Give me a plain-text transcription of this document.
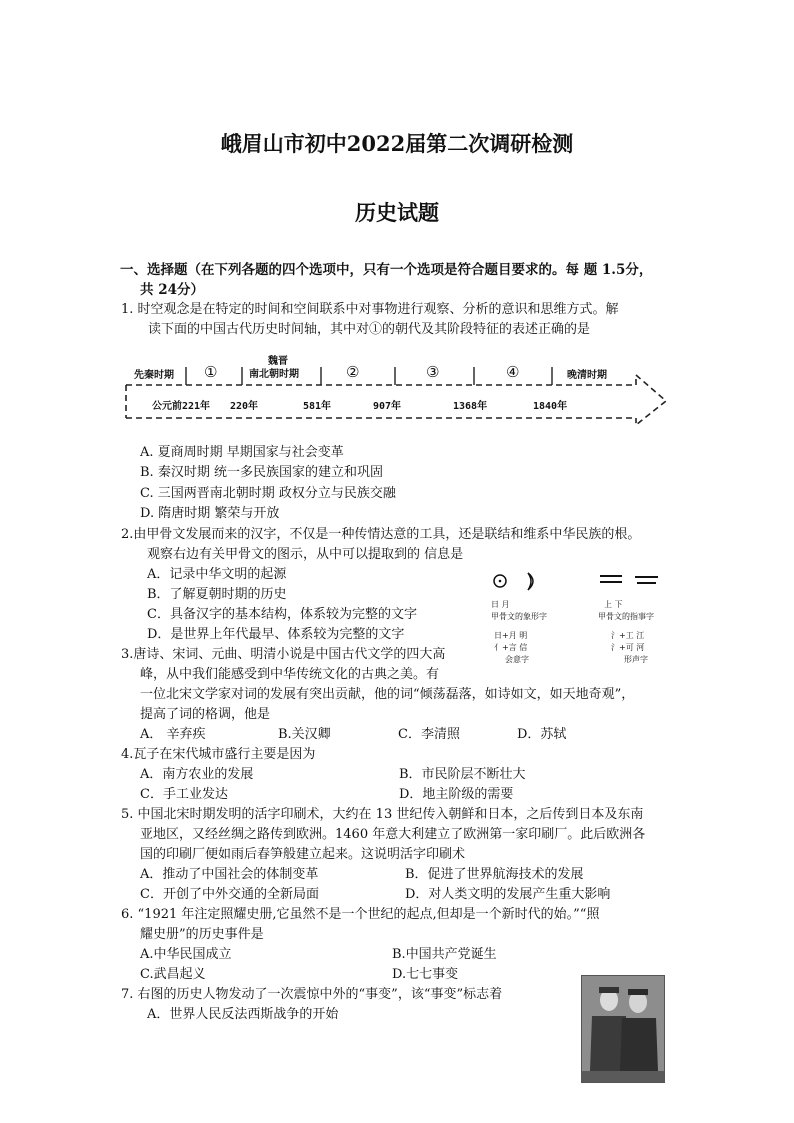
峨眉山市初中2022届第二次调研检测
历史试题
一、选择题（在下列各题的四个选项中，只有一个选项是符合题目要求的。每 题 1.5分，
共 24分）
1. 时空观念是在特定的时间和空间联系中对事物进行观察、分析的意识和思维方式。解
读下面的中国古代历史时间轴，其中对①的朝代及其阶段特征的表述正确的是
先秦时期 ①
魏晋
南北朝时期	②	③	④	晚清时期
公元前221年 220年	581年	907年	1368年	1840年
A. 夏商周时期 早期国家与社会变革
B. 秦汉时期 统一多民族国家的建立和巩固
C. 三国两晋南北朝时期 政权分立与民族交融
D. 隋唐时期 繁荣与开放
2.由甲骨文发展而来的汉字，不仅是一种传情达意的工具，还是联结和维系中华民族的根。
观察右边有关甲骨文的图示，从中可以提取到的 信息是
A．记录中华文明的起源
B．了解夏朝时期的历史
C．具备汉字的基本结构，体系较为完整的文字
D．是世界上年代最早、体系较为完整的文字
日 月
甲骨文的象形字
上 下
甲骨文的指事字
日+月 明
亻+言 信
会意字
氵+工 江
氵+可 河
形声字
3.唐诗、宋词、元曲、明清小说是中国古代文学的四大高
峰，从中我们能感受到中华传统文化的古典之美。有
一位北宋文学家对词的发展有突出贡献，他的词“倾荡磊落，如诗如文，如天地奇观”，
提高了词的格调，他是
A． 辛弃疾	B.关汉卿	C．李清照	D．苏轼
4.瓦子在宋代城市盛行主要是因为
A．南方农业的发展	B．市民阶层不断壮大
C．手工业发达	D．地主阶级的需要
5. 中国北宋时期发明的活字印刷术，大约在 13 世纪传入朝鲜和日本，之后传到日本及东南
亚地区，又经丝绸之路传到欧洲。1460 年意大利建立了欧洲第一家印刷厂。此后欧洲各
国的印刷厂便如雨后春笋般建立起来。这说明活字印刷术
A．推动了中国社会的体制变革	B．促进了世界航海技术的发展
C．开创了中外交通的全新局面	D．对人类文明的发展产生重大影响
6. “1921 年注定照耀史册,它虽然不是一个世纪的起点,但却是一个新时代的始。”“照
耀史册”的历史事件是
A.中华民国成立	B.中国共产党诞生
C.武昌起义	D.七七事变
7. 右图的历史人物发动了一次震惊中外的“事变”，该“事变”标志着
A．世界人民反法西斯战争的开始
